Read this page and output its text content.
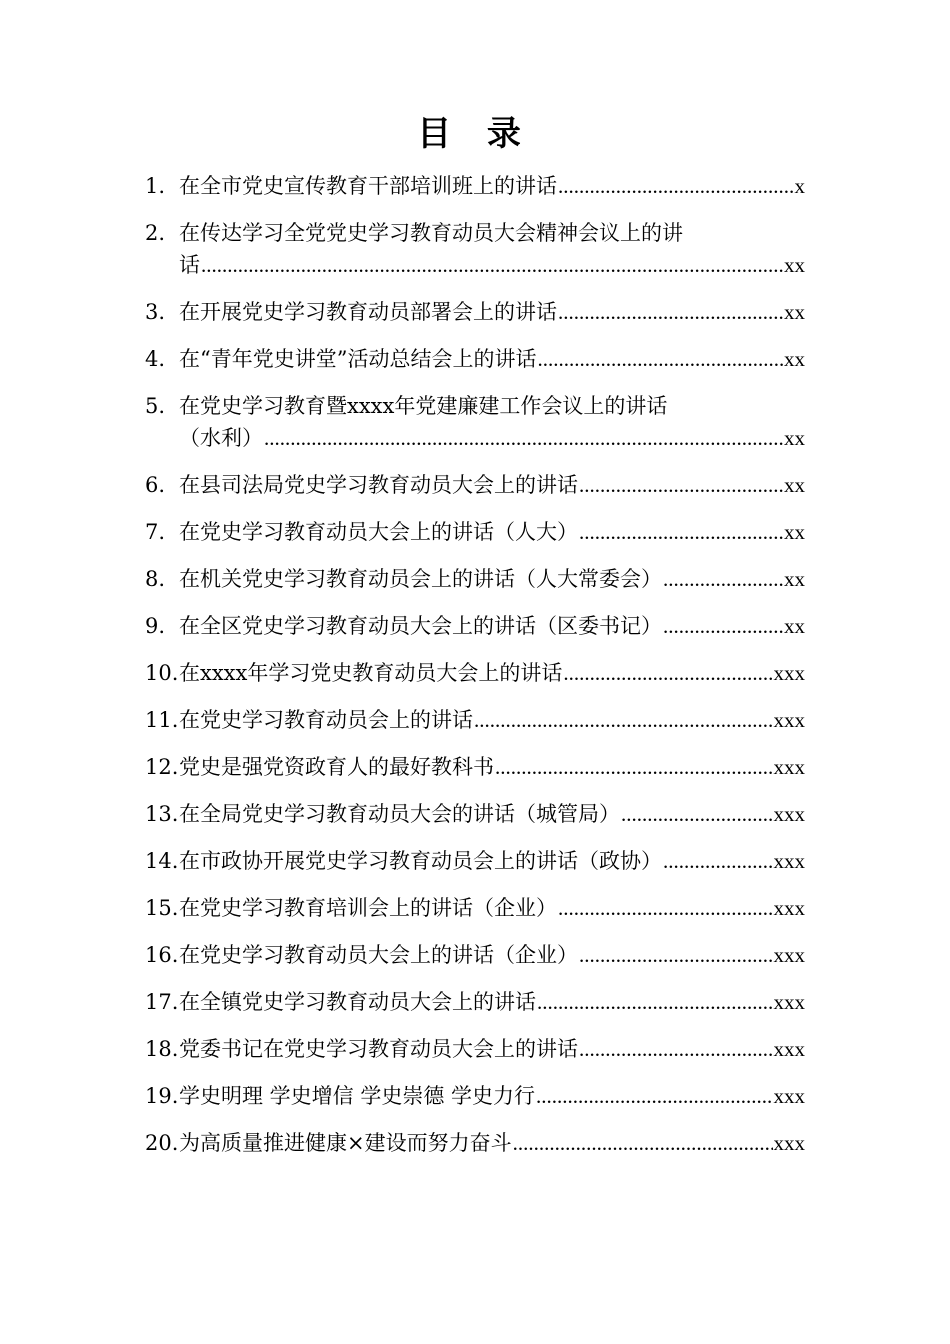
目 录
1. 在全市党史宣传教育干部培训班上的讲话 .....	x
2. 在传达学习全党党史学习教育动员大会精神会议上的讲
话 .....	xx
3. 在开展党史学习教育动员部署会上的讲话 .....	xx
4. 在“青年党史讲堂”活动总结会上的讲话 .....	xx
5. 在党史学习教育暨xxxx年党建廉建工作会议上的讲话
（水利） .....	xx
6. 在县司法局党史学习教育动员大会上的讲话 .....	xx
7. 在党史学习教育动员大会上的讲话（人大） .....	xx
8. 在机关党史学习教育动员会上的讲话（人大常委会） .....	xx
9. 在全区党史学习教育动员大会上的讲话（区委书记） .....	xx
10. 在xxxx年学习党史教育动员大会上的讲话 .....	xxx
11. 在党史学习教育动员会上的讲话 .....	xxx
12. 党史是强党资政育人的最好教科书 .....	xxx
13. 在全局党史学习教育动员大会的讲话（城管局） .....	xxx
14. 在市政协开展党史学习教育动员会上的讲话（政协） .....	xxx
15. 在党史学习教育培训会上的讲话（企业） .....	xxx
16. 在党史学习教育动员大会上的讲话（企业） .....	xxx
17. 在全镇党史学习教育动员大会上的讲话 .....	xxx
18. 党委书记在党史学习教育动员大会上的讲话 .....	xxx
19. 学史明理 学史增信 学史崇德 学史力行 .....	xxx
20. 为高质量推进健康×建设而努力奋斗 .....	xxx
